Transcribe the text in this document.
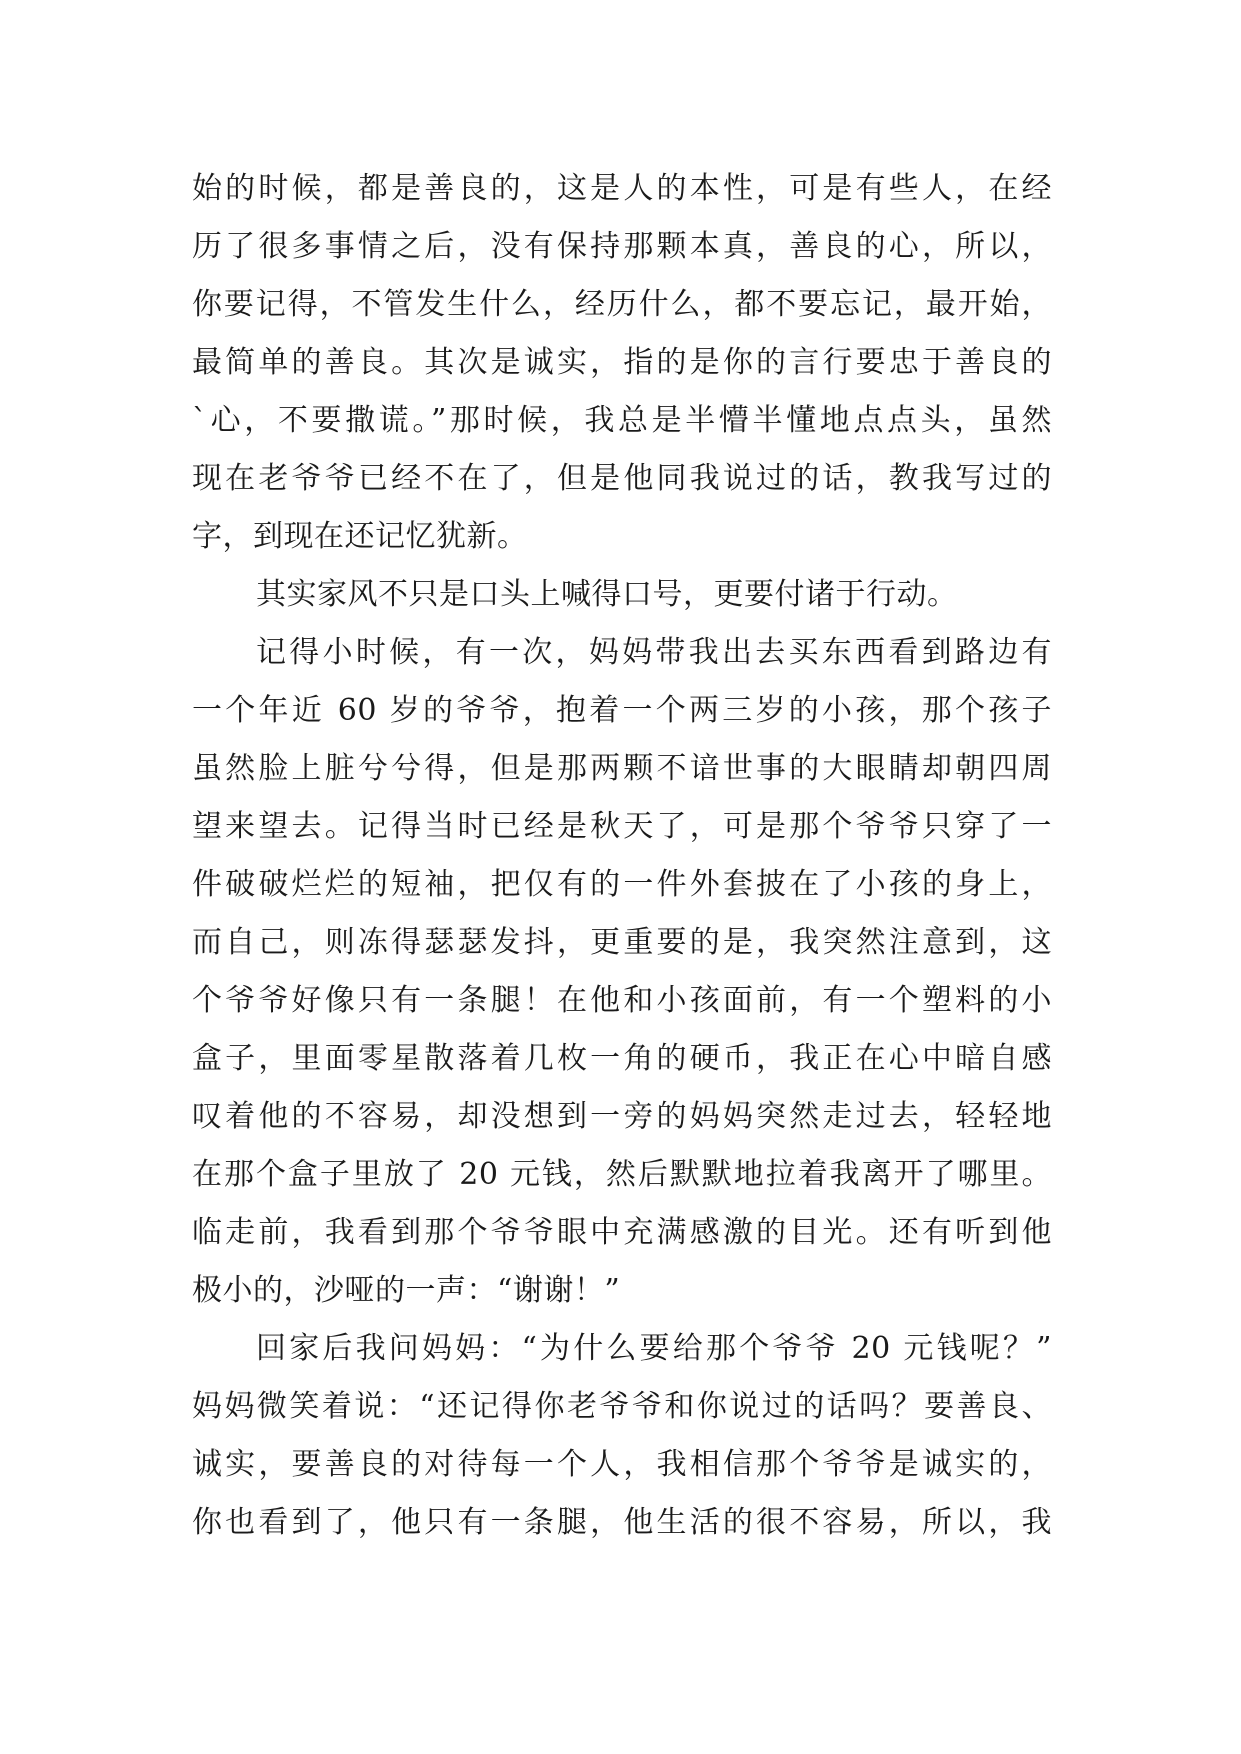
始的时候，都是善良的，这是人的本性，可是有些人，在经
历了很多事情之后，没有保持那颗本真，善良的心，所以，
你要记得，不管发生什么，经历什么，都不要忘记，最开始，
最简单的善良。其次是诚实，指的是你的言行要忠于善良的
`心，不要撒谎。”那时候，我总是半懵半懂地点点头，虽然
现在老爷爷已经不在了，但是他同我说过的话，教我写过的
字，到现在还记忆犹新。
其实家风不只是口头上喊得口号，更要付诸于行动。
记得小时候，有一次，妈妈带我出去买东西看到路边有
一个年近 60 岁的爷爷，抱着一个两三岁的小孩，那个孩子
虽然脸上脏兮兮得，但是那两颗不谙世事的大眼睛却朝四周
望来望去。记得当时已经是秋天了，可是那个爷爷只穿了一
件破破烂烂的短袖，把仅有的一件外套披在了小孩的身上，
而自己，则冻得瑟瑟发抖，更重要的是，我突然注意到，这
个爷爷好像只有一条腿！在他和小孩面前，有一个塑料的小
盒子，里面零星散落着几枚一角的硬币，我正在心中暗自感
叹着他的不容易，却没想到一旁的妈妈突然走过去，轻轻地
在那个盒子里放了 20 元钱，然后默默地拉着我离开了哪里。
临走前，我看到那个爷爷眼中充满感激的目光。还有听到他
极小的，沙哑的一声：“谢谢！”
回家后我问妈妈：“为什么要给那个爷爷 20 元钱呢？”
妈妈微笑着说：“还记得你老爷爷和你说过的话吗？要善良、
诚实，要善良的对待每一个人，我相信那个爷爷是诚实的，
你也看到了，他只有一条腿，他生活的很不容易，所以，我
